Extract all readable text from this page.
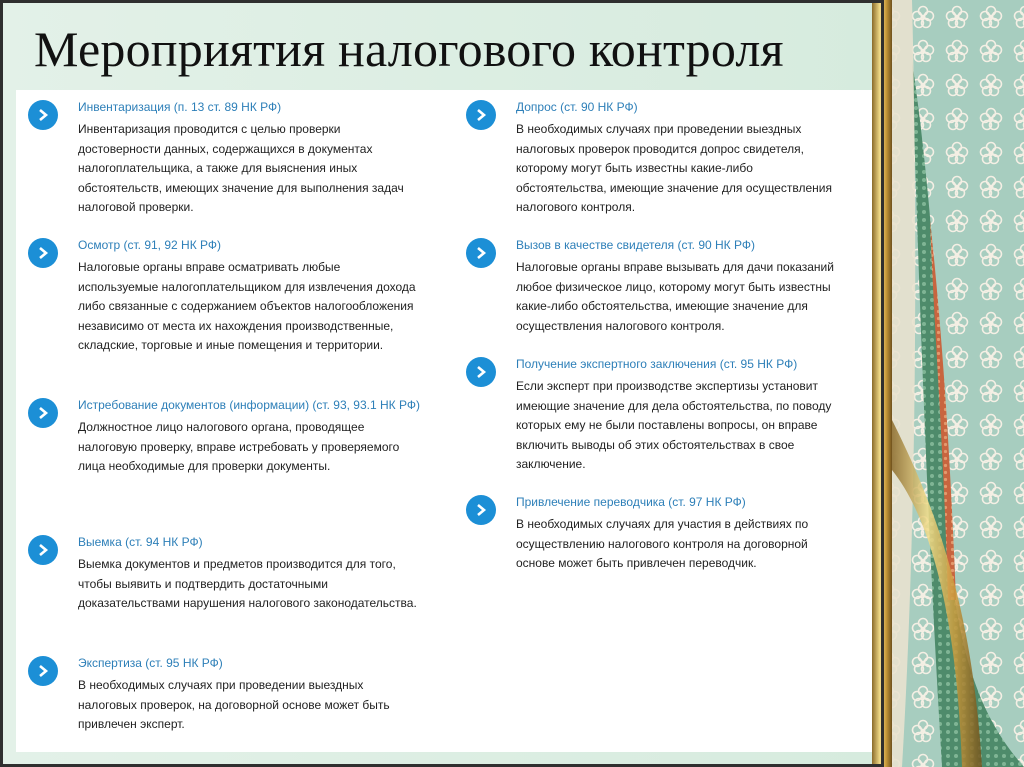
Мероприятия налогового контроля
Инвентаризация (п. 13 ст. 89 НК РФ)
Инвентаризация проводится с целью проверки достоверности данных, содержащихся в документах налогоплательщика, а также для выяснения иных обстоятельств, имеющих значение для выполнения задач налоговой проверки.
Осмотр (ст. 91, 92 НК РФ)
Налоговые органы вправе осматривать любые используемые налогоплательщиком для извлечения дохода либо связанные с содержанием объектов налогообложения независимо от места их нахождения производственные, складские, торговые и иные помещения и территории.
Истребование документов (информации) (ст. 93, 93.1 НК РФ)
Должностное лицо налогового органа, проводящее налоговую проверку, вправе истребовать у проверяемого лица необходимые для проверки документы.
Выемка (ст. 94 НК РФ)
Выемка документов и предметов производится для того, чтобы выявить и подтвердить достаточными доказательствами нарушения налогового законодательства.
Экспертиза (ст. 95 НК РФ)
В необходимых случаях при проведении выездных налоговых проверок, на договорной основе может быть привлечен эксперт.
Допрос (ст. 90 НК РФ)
В необходимых случаях при проведении выездных налоговых проверок проводится допрос свидетеля, которому могут быть известны какие-либо обстоятельства, имеющие значение для осуществления налогового контроля.
Вызов в качестве свидетеля (ст. 90 НК РФ)
Налоговые органы вправе вызывать для дачи показаний любое физическое лицо, которому могут быть известны какие-либо обстоятельства, имеющие значение для осуществления налогового контроля.
Получение экспертного заключения (ст. 95 НК РФ)
Если эксперт при производстве экспертизы установит имеющие значение для дела обстоятельства, по поводу которых ему не были поставлены вопросы, он вправе включить выводы об этих обстоятельствах в свое заключение.
Привлечение переводчика (ст. 97 НК РФ)
В необходимых случаях для участия в действиях по осуществлению налогового контроля на договорной основе может быть привлечен переводчик.
